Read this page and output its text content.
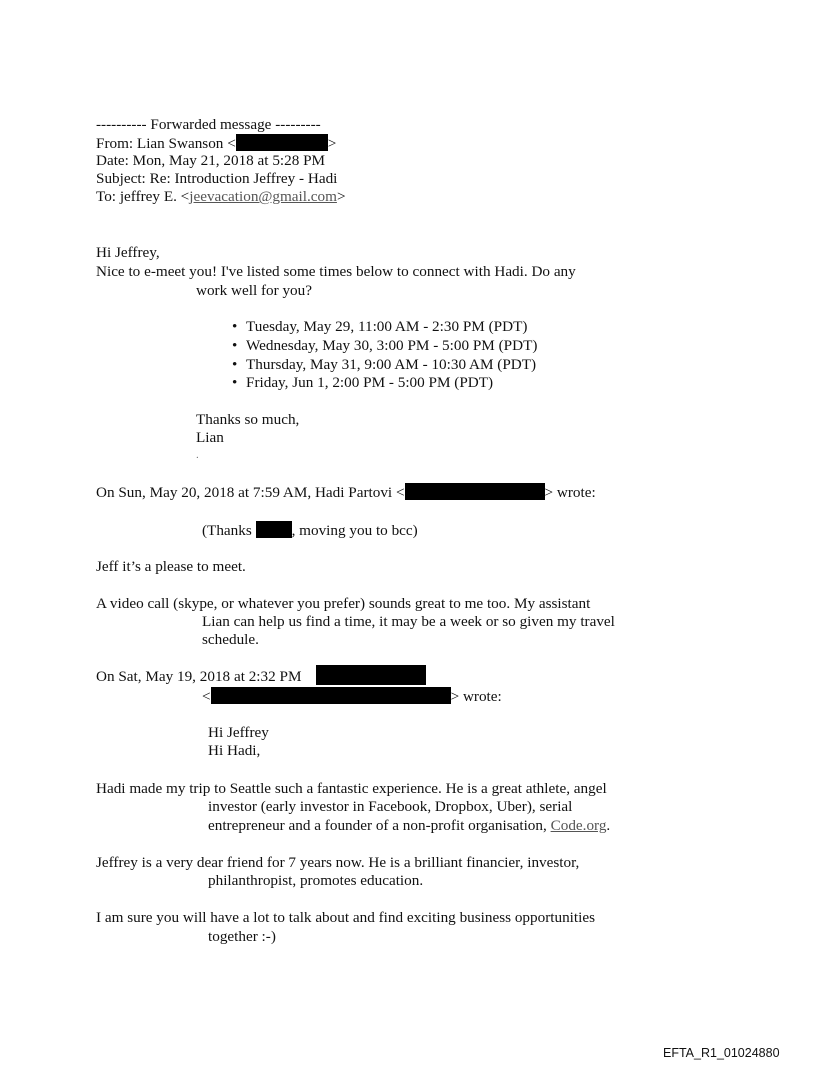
---------- Forwarded message ---------
From: Lian Swanson <	>
Date: Mon, May 21, 2018 at 5:28 PM
Subject: Re: Introduction Jeffrey - Hadi
To: jeffrey E. <jeevacation@gmail.com>
Hi Jeffrey,
Nice to e-meet you! I've listed some times below to connect with Hadi. Do any
work well for you?
• Tuesday, May 29, 11:00 AM - 2:30 PM (PDT)
• Wednesday, May 30, 3:00 PM - 5:00 PM (PDT)
• Thursday, May 31, 9:00 AM - 10:30 AM (PDT)
• Friday, Jun 1, 2:00 PM - 5:00 PM (PDT)
Thanks so much,
Lian
.
On Sun, May 20, 2018 at 7:59 AM, Hadi Partovi <	> wrote:
(Thanks , moving you to bcc)
Jeff it’s a please to meet.
A video call (skype, or whatever you prefer) sounds great to me too. My assistant
Lian can help us find a time, it may be a week or so given my travel
schedule.
On Sat, May 19, 2018 at 2:32 PM
<	> wrote:
Hi Jeffrey
Hi Hadi,
Hadi made my trip to Seattle such a fantastic experience. He is a great athlete, angel
investor (early investor in Facebook, Dropbox, Uber), serial
entrepreneur and a founder of a non-profit organisation, Code.org.
Jeffrey is a very dear friend for 7 years now. He is a brilliant financier, investor,
philanthropist, promotes education.
I am sure you will have a lot to talk about and find exciting business opportunities
together :-)
EFTA_R1_01024880
